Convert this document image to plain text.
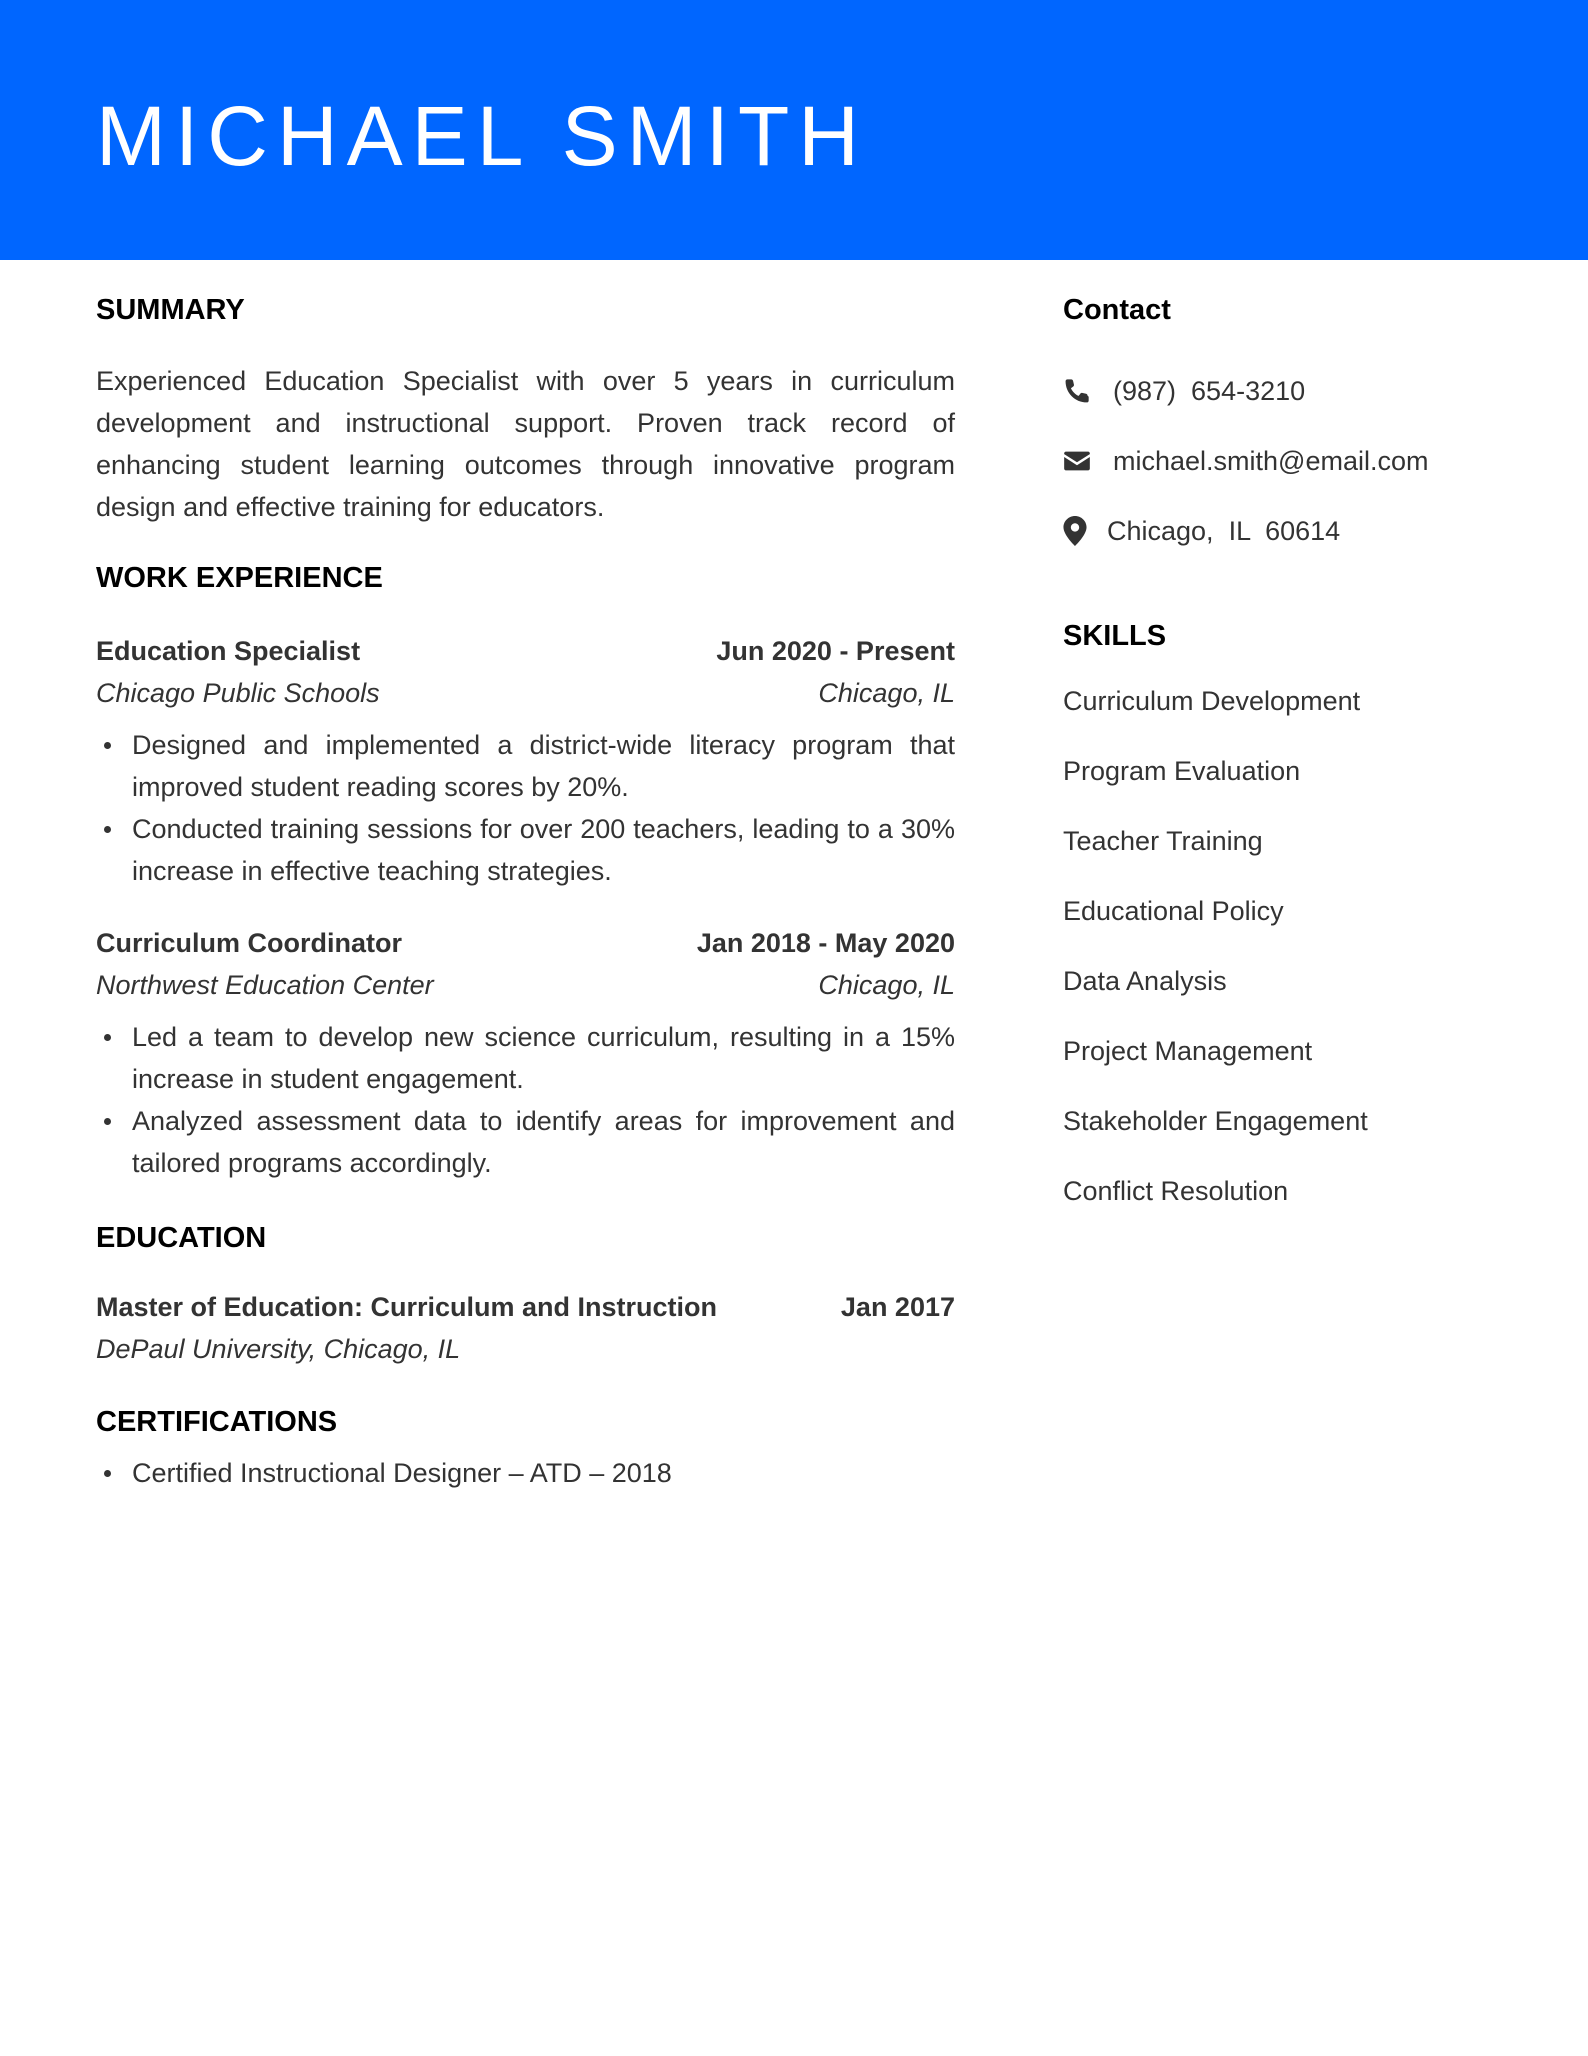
MICHAEL SMITH
SUMMARY

Experienced Education Specialist with over 5 years in curriculum development and instructional support. Proven track record of enhancing student learning outcomes through innovative program design and effective training for educators.

WORK EXPERIENCE
Education Specialist	Jun 2020 - Present
Chicago Public Schools	Chicago, IL
Designed and implemented a district-wide literacy program that improved student reading scores by 20%.
Conducted training sessions for over 200 teachers, leading to a 30% increase in effective teaching strategies.
Curriculum Coordinator	Jan 2018 - May 2020
Northwest Education Center	Chicago, IL
Led a team to develop new science curriculum, resulting in a 15% increase in student engagement.
Analyzed assessment data to identify areas for improvement and tailored programs accordingly.
EDUCATION
Master of Education: Curriculum and Instruction	Jan 2017
DePaul University, Chicago, IL
CERTIFICATIONS
Certified Instructional Designer – ATD – 2018
Contact
(987)  654-3210
michael.smith@email.com
Chicago,  IL  60614
SKILLS
Curriculum Development
Program Evaluation
Teacher Training
Educational Policy
Data Analysis
Project Management
Stakeholder Engagement
Conflict Resolution
